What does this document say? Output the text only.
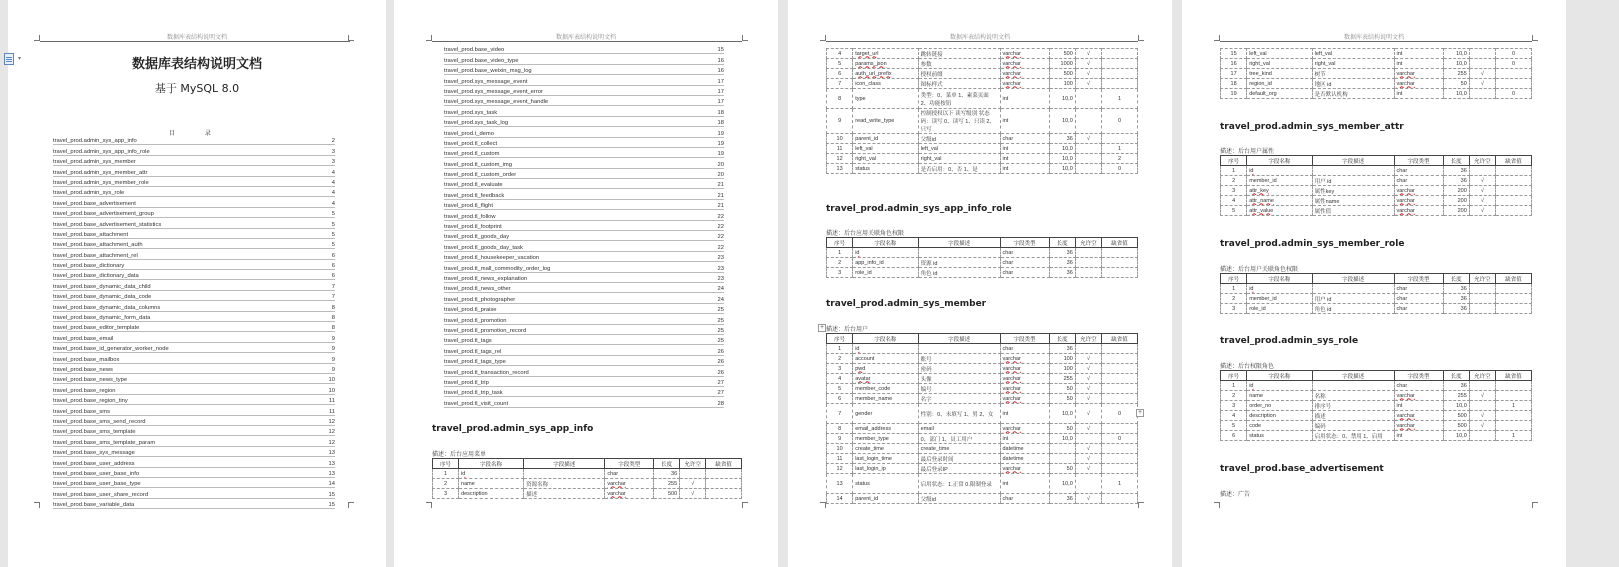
数据库表结构说明文档
数据库表结构说明文档
基于 MySQL 8.0
目 录
travel_prod.admin_sys_app_info	2
travel_prod.admin_sys_app_info_role	3
travel_prod.admin_sys_member	3
travel_prod.admin_sys_member_attr	4
travel_prod.admin_sys_member_role	4
travel_prod.admin_sys_role	4
travel_prod.base_advertisement	4
travel_prod.base_advertisement_group	5
travel_prod.base_advertisement_statistics	5
travel_prod.base_attachment	5
travel_prod.base_attachment_auth	5
travel_prod.base_attachment_rel	6
travel_prod.base_dictionary	6
travel_prod.base_dictionary_data	6
travel_prod.base_dynamic_data_child	7
travel_prod.base_dynamic_data_code	7
travel_prod.base_dynamic_data_columns	8
travel_prod.base_dynamic_form_data	8
travel_prod.base_editor_template	8
travel_prod.base_email	9
travel_prod.base_id_generator_worker_node	9
travel_prod.base_mailbox	9
travel_prod.base_news	9
travel_prod.base_news_type	10
travel_prod.base_region	10
travel_prod.base_region_tiny	11
travel_prod.base_sms	11
travel_prod.base_sms_send_record	12
travel_prod.base_sms_template	12
travel_prod.base_sms_template_param	12
travel_prod.base_sys_message	13
travel_prod.base_user_address	13
travel_prod.base_user_base_info	13
travel_prod.base_user_base_type	14
travel_prod.base_user_share_record	15
travel_prod.base_variable_data	15
▾
数据库表结构说明文档
travel_prod.base_video	15
travel_prod.base_video_type	16
travel_prod.base_weixin_msg_log	16
travel_prod.sys_message_event	17
travel_prod.sys_message_event_error	17
travel_prod.sys_message_event_handle	17
travel_prod.sys_task	18
travel_prod.sys_task_log	18
travel_prod.t_demo	19
travel_prod.tl_collect	19
travel_prod.tl_custom	19
travel_prod.tl_custom_img	20
travel_prod.tl_custom_order	20
travel_prod.tl_evaluate	21
travel_prod.tl_feedback	21
travel_prod.tl_flight	21
travel_prod.tl_follow	22
travel_prod.tl_footprint	22
travel_prod.tl_goods_day	22
travel_prod.tl_goods_day_task	22
travel_prod.tl_housekeeper_vacation	23
travel_prod.tl_mall_commodity_order_log	23
travel_prod.tl_news_explanation	23
travel_prod.tl_news_other	24
travel_prod.tl_photographer	24
travel_prod.tl_praise	25
travel_prod.tl_promotion	25
travel_prod.tl_promotion_record	25
travel_prod.tl_tags	25
travel_prod.tl_tags_rel	26
travel_prod.tl_tags_type	26
travel_prod.tl_transaction_record	26
travel_prod.tl_trip	27
travel_prod.tl_trip_task	27
travel_prod.tl_visit_count	28
travel_prod.admin_sys_app_info
描述：后台应用菜单
序号	字段名称	字段描述	字段类型	长度	允许空	缺省值
1	id		char	36		
2	name	资源名称	varchar	255	√	
3	description	描述	varchar	500	√	
数据库表结构说明文档
4	target_url	跳转链接	varchar	500	√	
5	params_json	参数	varchar	1000	√	
6	auth_url_prefix	授权前缀	varchar	500	√	
7	icon_class	图标样式	varchar	100	√	
8	type	类型：0、菜单 1、素菜页面 2、功能按钮	int	10,0		1
9	read_write_type	控制授权以下 读写级别 状态码：读写 0、读写 1、只读 2、只写	int	10,0		0
10	parent_id	父级id	char	36	√	
11	left_val	left_val	int	10,0		1
12	right_val	right_val	int	10,0		2
13	status	是否启用：0、否 1、是	int	10,0		0
travel_prod.admin_sys_app_info_role
描述：后台应用关联角色权限
序号	字段名称	字段描述	字段类型	长度	允许空	缺省值
1	id		char	36		
2	app_info_id	资源 id	char	36		
3	role_id	角色 id	char	36		
travel_prod.admin_sys_member
+ 描述：后台用户
序号	字段名称	字段描述	字段类型	长度	允许空	缺省值
1	id		char	36		
2	account	账号	varchar	100	√	
3	pwd	密码	varchar	100	√	
4	avatar	头像	varchar	255	√	
5	member_code	编号	varchar	50	√	
6	member_name	名字	varchar	50	√	
7	gender	性别：0、未填写 1、男 2、女	int	10,0	√	0
8	email_address	email	varchar	50	√	
9	member_type	0、部门 1、员工用户	int	10,0		0
10	create_time	create_time	datetime		√	
11	last_login_time	最后登录时间	datetime		√	
12	last_login_ip	最后登录IP	varchar	50	√	
13	status	启用状态：1.正常 0.限制登录	int	10,0		1
14	parent_id	父级id	char	36	√	
+
数据库表结构说明文档
15	left_val	left_val	int	10,0		0
16	right_val	right_val	int	10,0		0
17	tree_kind	树节	varchar	255	√	
18	region_id	地区 id	varchar	50	√	
19	default_org	是否默认机构	int	10,0		0
travel_prod.admin_sys_member_attr
描述：后台用户属性
序号	字段名称	字段描述	字段类型	长度	允许空	缺省值
1	id		char	36		
2	member_id	用户 id	char	36	√	
3	attr_key	属性key	varchar	200	√	
4	attr_name	属性name	varchar	200	√	
5	attr_value	属性值	varchar	200	√	
travel_prod.admin_sys_member_role
描述：后台用户关联角色权限
序号	字段名称	字段描述	字段类型	长度	允许空	缺省值
1	id		char	36		
2	member_id	用户 id	char	36		
3	role_id	角色 id	char	36		
travel_prod.admin_sys_role
描述：后台权限角色
序号	字段名称	字段描述	字段类型	长度	允许空	缺省值
1	id		char	36		
2	name	名称	varchar	255	√	
3	order_no	排序号	int	10,0		1
4	description	描述	varchar	500	√	
5	code	编码	varchar	500	√	
6	status	启用状态：0、禁用 1、启用	int	10,0		1
travel_prod.base_advertisement
描述：广告
